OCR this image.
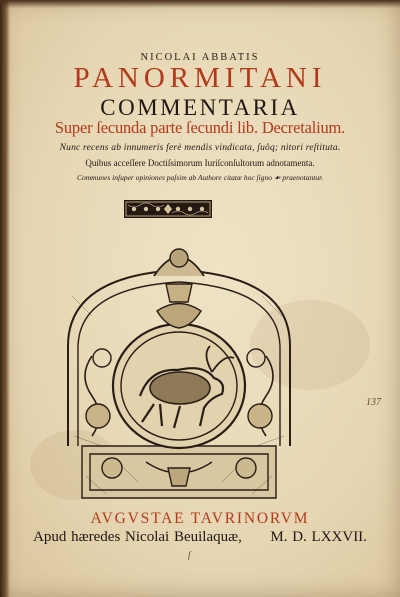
NICOLAI ABBATIS
PANORMITANI
COMMENTARIA
Super ſecunda parte ſecundi lib. Decretalium.
Nunc recens ab innumeris ferè mendis vindicata, ſuôq; nitori reſtituta.
Quibus acceſſere Doctiſsimorum Iuriſconſultorum adnotamenta.
Communes inſuper opiniones paſsim ab Authore citatæ hoc ſigno ☙ praenotantur.
AVGVSTAE TAVRINORVM
Apud hæredes Nicolai Beuilaquæ, M. D. LXXVII.
137
ſ
